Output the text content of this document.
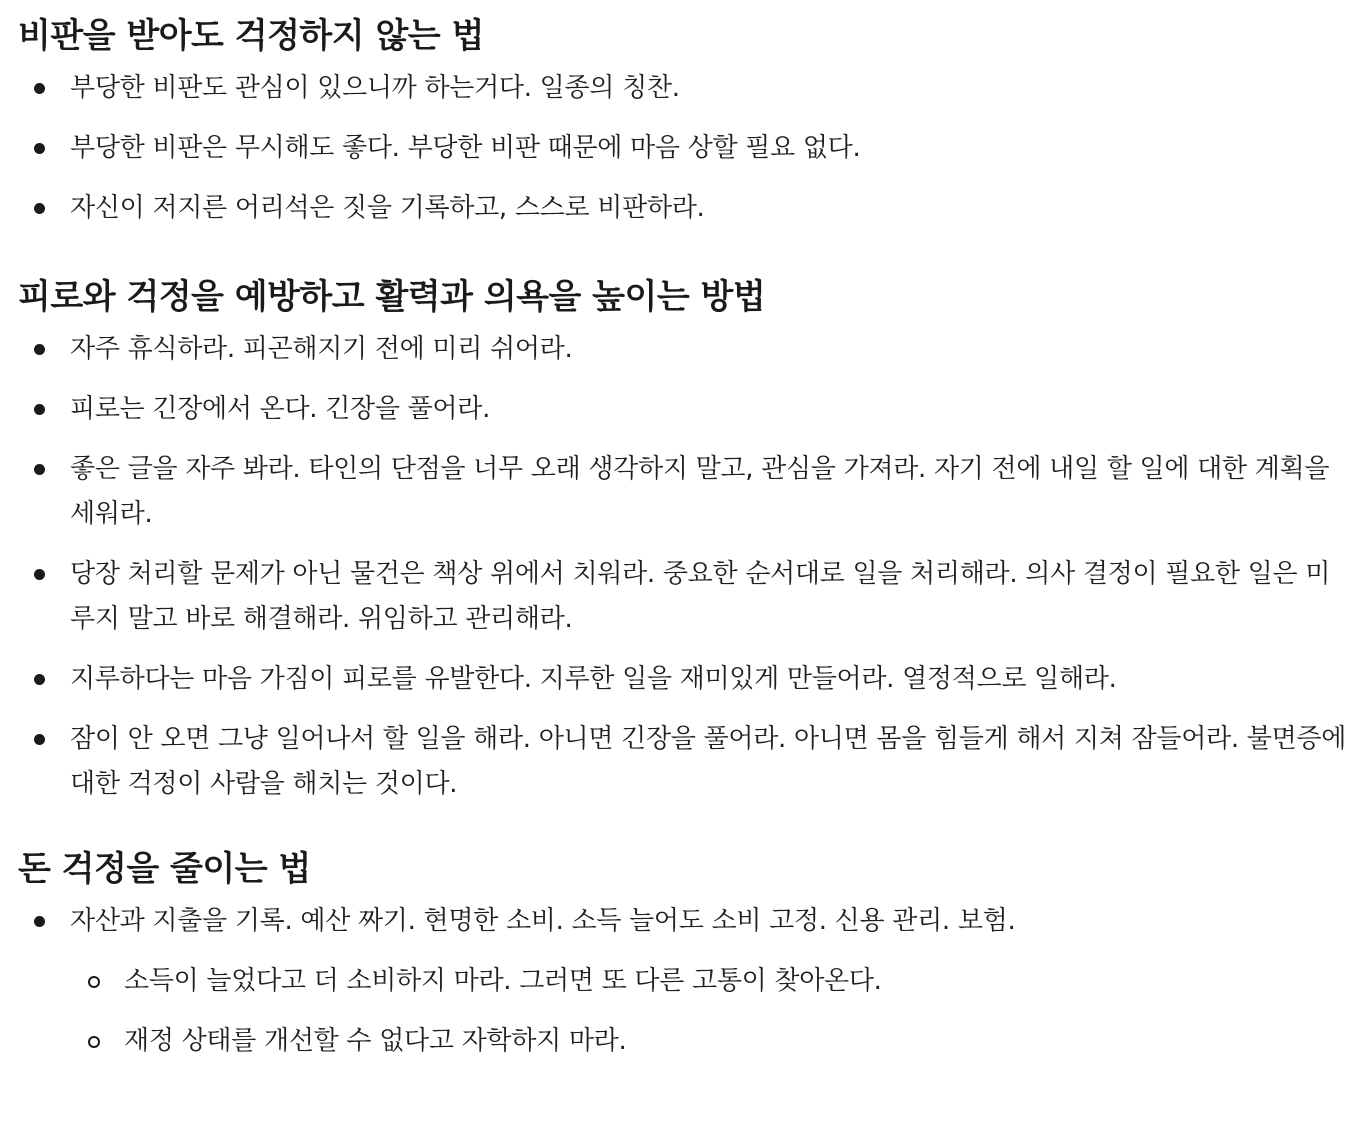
비판을 받아도 걱정하지 않는 법
부당한 비판도 관심이 있으니까 하는거다. 일종의 칭찬.
부당한 비판은 무시해도 좋다. 부당한 비판 때문에 마음 상할 필요 없다.
자신이 저지른 어리석은 짓을 기록하고, 스스로 비판하라.
피로와 걱정을 예방하고 활력과 의욕을 높이는 방법
자주 휴식하라. 피곤해지기 전에 미리 쉬어라.
피로는 긴장에서 온다. 긴장을 풀어라.
좋은 글을 자주 봐라. 타인의 단점을 너무 오래 생각하지 말고, 관심을 가져라. 자기 전에 내일 할 일에 대한 계획을 세워라.
당장 처리할 문제가 아닌 물건은 책상 위에서 치워라. 중요한 순서대로 일을 처리해라. 의사 결정이 필요한 일은 미루지 말고 바로 해결해라. 위임하고 관리해라.
지루하다는 마음 가짐이 피로를 유발한다. 지루한 일을 재미있게 만들어라. 열정적으로 일해라.
잠이 안 오면 그냥 일어나서 할 일을 해라. 아니면 긴장을 풀어라. 아니면 몸을 힘들게 해서 지쳐 잠들어라. 불면증에 대한 걱정이 사람을 해치는 것이다.
돈 걱정을 줄이는 법
자산과 지출을 기록. 예산 짜기. 현명한 소비. 소득 늘어도 소비 고정. 신용 관리. 보험.
소득이 늘었다고 더 소비하지 마라. 그러면 또 다른 고통이 찾아온다.
재정 상태를 개선할 수 없다고 자학하지 마라.
